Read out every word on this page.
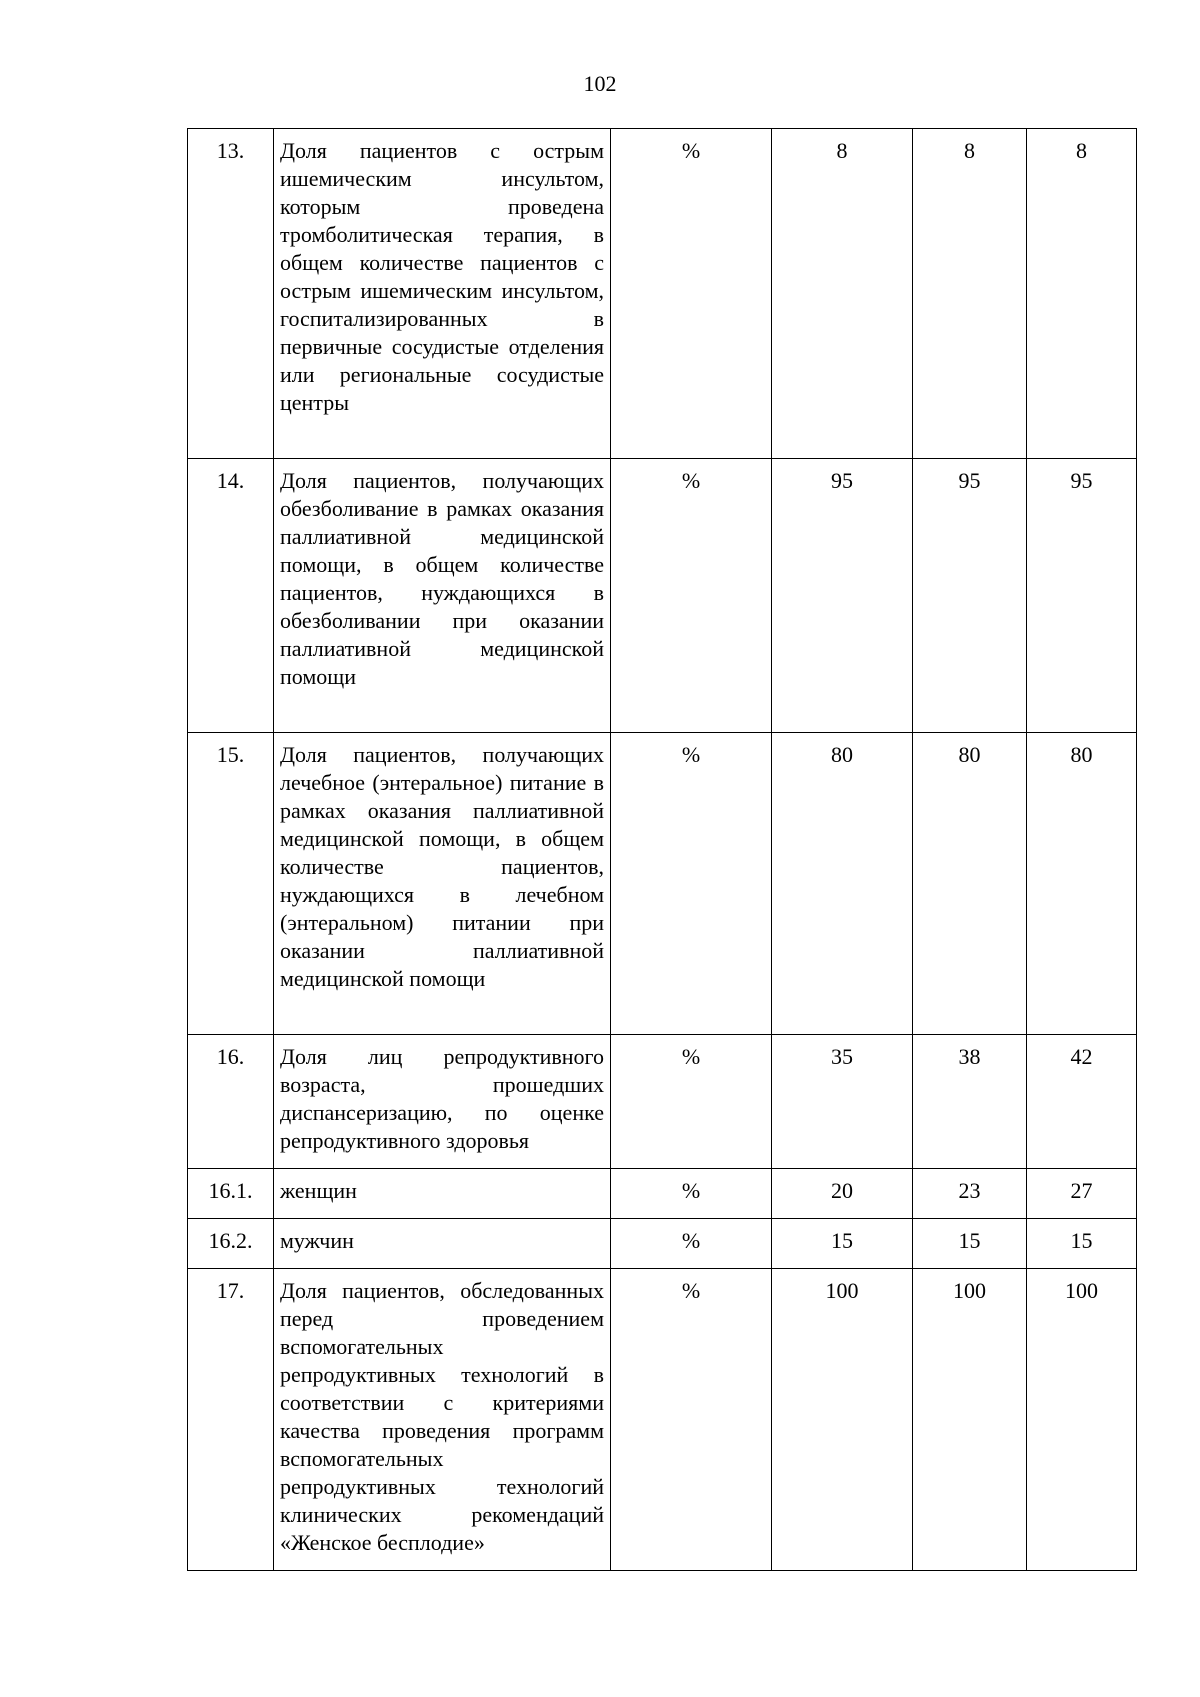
102
13.	Доля пациентов с острым ишемическим инсультом, которым проведена тромболитическая терапия, в общем количестве пациентов с острым ишемическим инсультом, госпитализированных в первичные сосудистые отделения или региональные сосудистые центры	%	8	8	8
14.	Доля пациентов, получающих обезболивание в рамках оказания паллиативной медицинской помощи, в общем количестве пациентов, нуждающихся в обезболивании при оказании паллиативной медицинской помощи	%	95	95	95
15.	Доля пациентов, получающих лечебное (энтеральное) питание в рамках оказания паллиативной медицинской помощи, в общем количестве пациентов, нуждающихся в лечебном (энтеральном) питании при оказании паллиативной медицинской помощи	%	80	80	80
16.	Доля лиц репродуктивного возраста, прошедших диспансеризацию, по оценке репродуктивного здоровья	%	35	38	42
16.1.	женщин	%	20	23	27
16.2.	мужчин	%	15	15	15
17.	Доля пациентов, обследованных перед проведением вспомогательных репродуктивных технологий в соответствии с критериями качества проведения программ вспомогательных репродуктивных технологий клинических рекомендаций «Женское бесплодие»	%	100	100	100
